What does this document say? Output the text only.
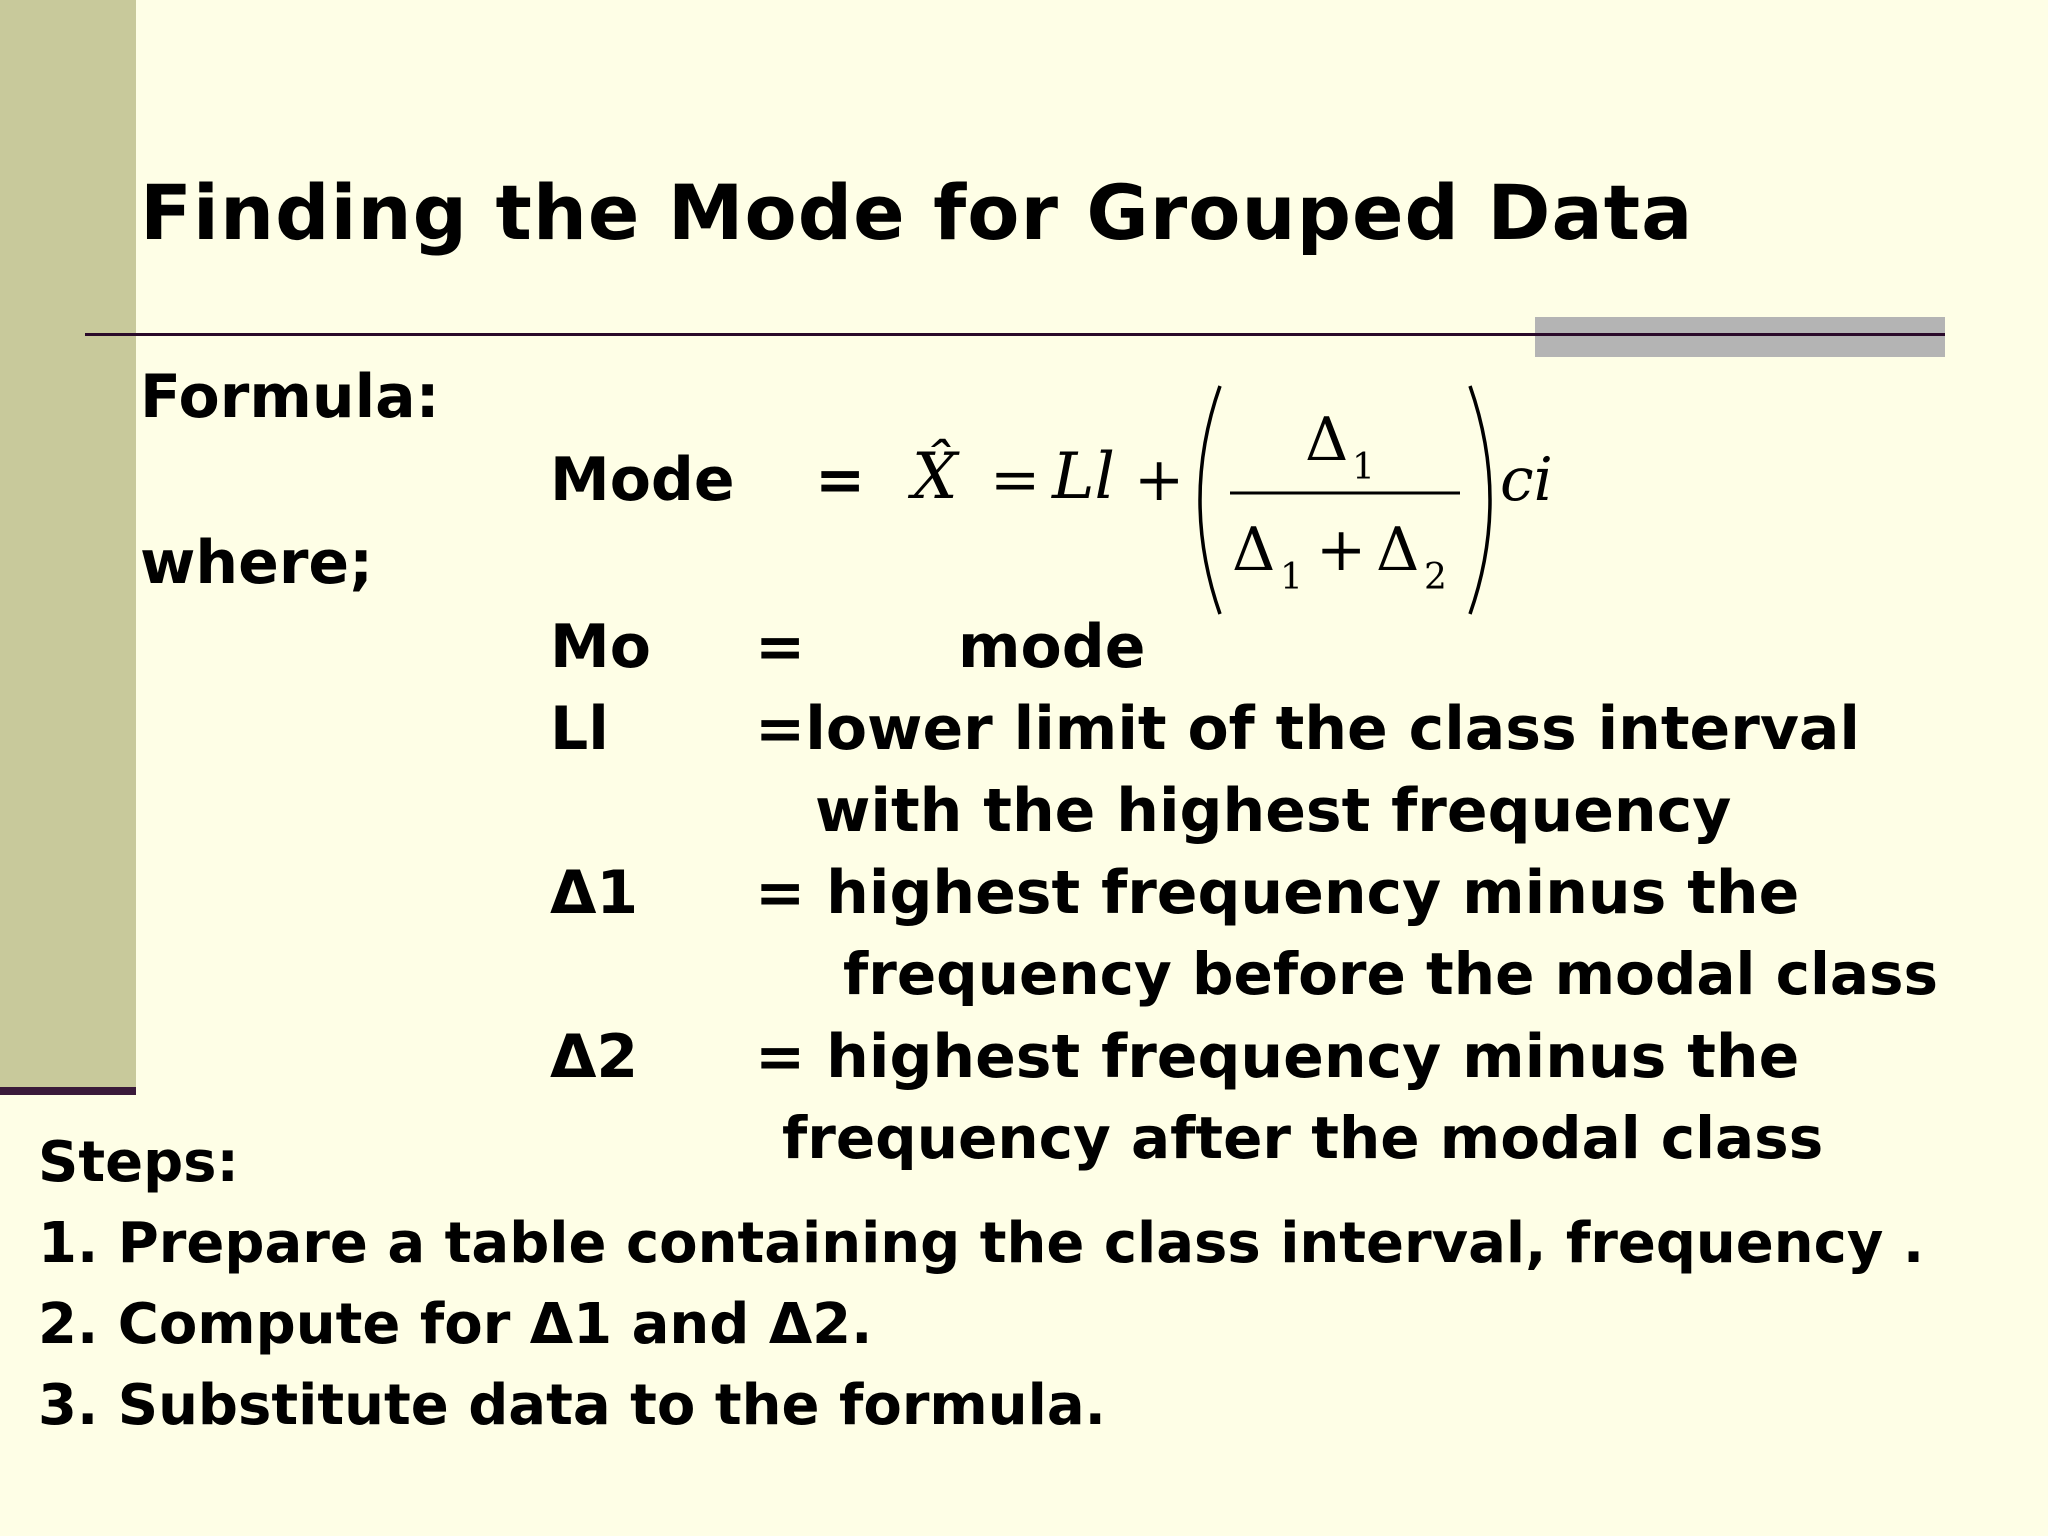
Finding the Mode for Grouped Data
Formula:
where;
Mode = X̂ = Ll +
Δ 1
Δ 1 + Δ 2
ci
Mo =	mode
Ll =lower limit of the class interval
with the highest frequency
Δ1 = highest frequency minus the
frequency before the modal class
Δ2 = highest frequency minus the
frequency after the modal class
Steps:
1. Prepare a table containing the class interval, frequency .
2. Compute for Δ1 and Δ2.
3. Substitute data to the formula.
